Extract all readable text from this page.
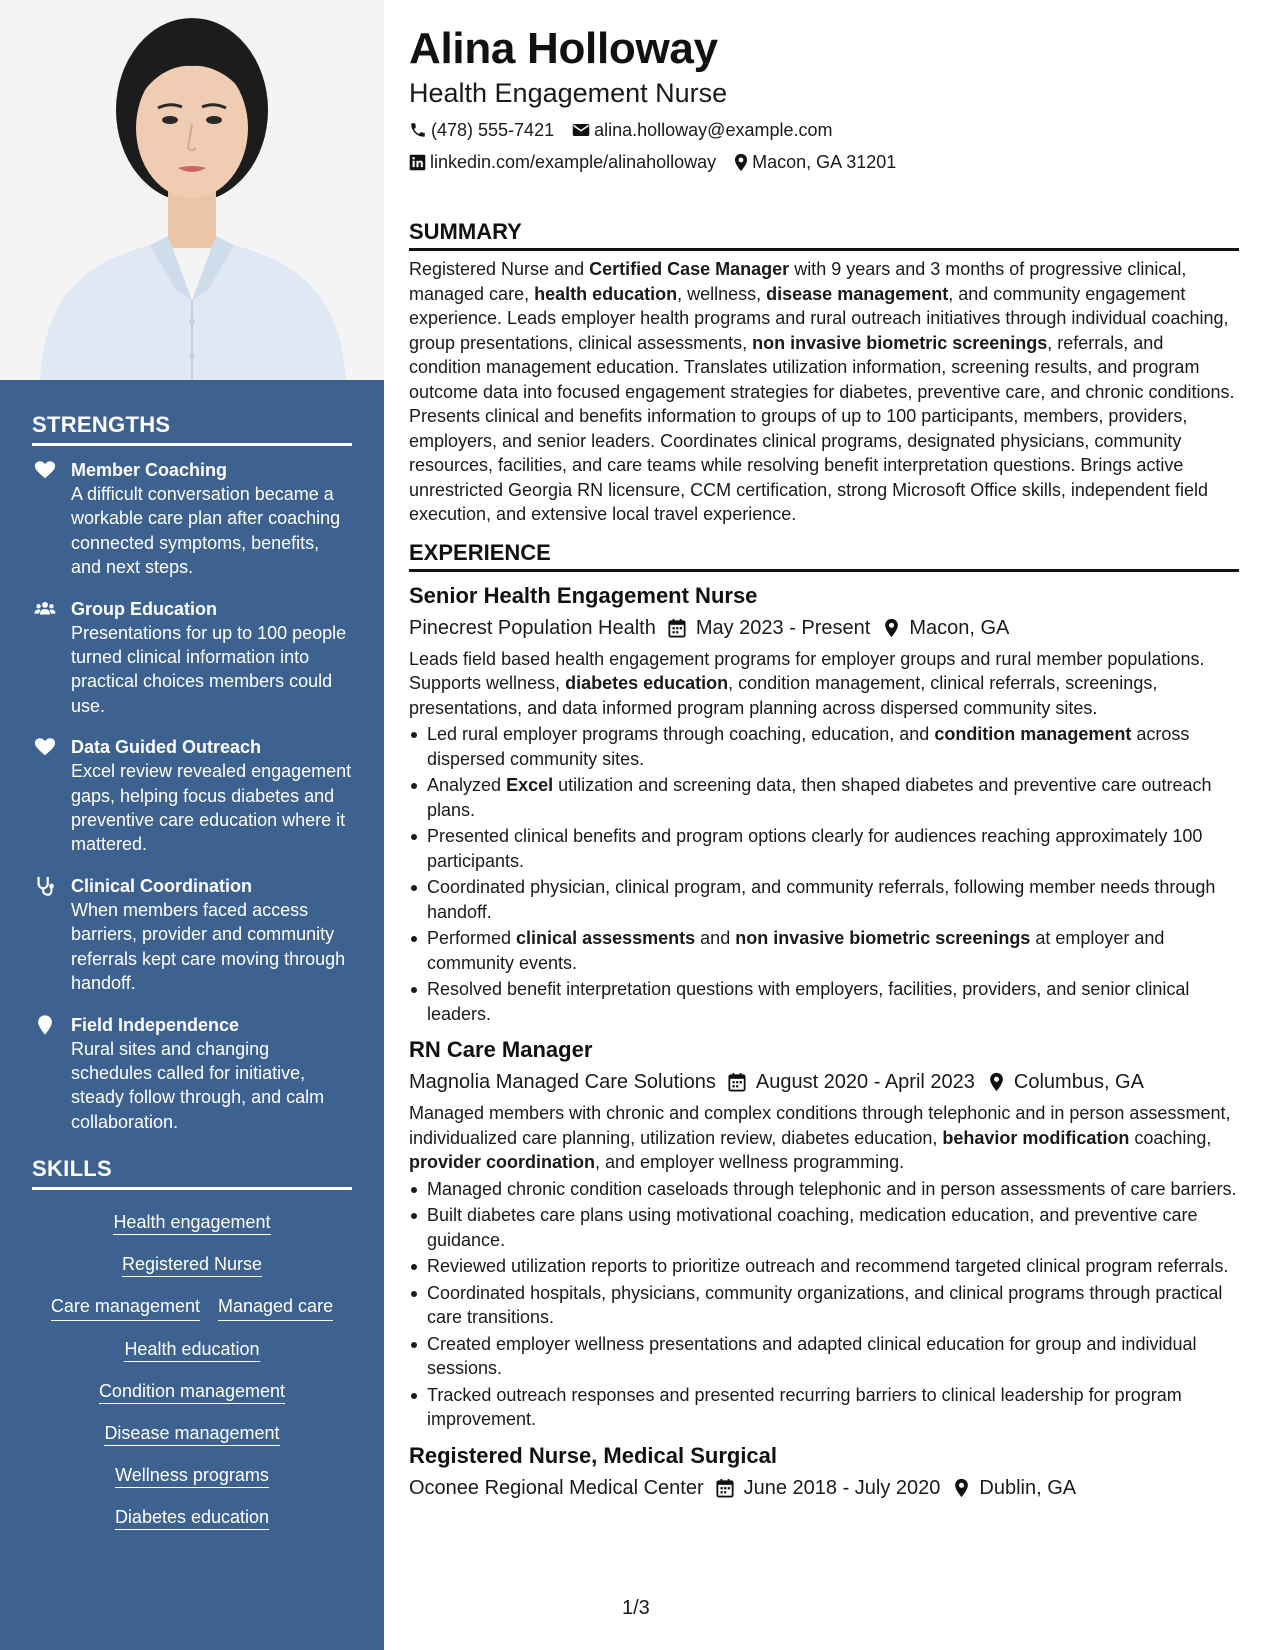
STRENGTHS
Member Coaching
A difficult conversation became a workable care plan after coaching connected symptoms, benefits, and next steps.
Group Education
Presentations for up to 100 people turned clinical information into practical choices members could use.
Data Guided Outreach
Excel review revealed engagement gaps, helping focus diabetes and preventive care education where it mattered.
Clinical Coordination
When members faced access barriers, provider and community referrals kept care moving through handoff.
Field Independence
Rural sites and changing schedules called for initiative, steady follow through, and calm collaboration.
SKILLS
Health engagement
Registered Nurse
Care management Managed care
Health education
Condition management
Disease management
Wellness programs
Diabetes education
Alina Holloway
Health Engagement Nurse
(478) 555-7421 alina.holloway@example.com
linkedin.com/example/alinaholloway Macon, GA 31201
SUMMARY

Registered Nurse and Certified Case Manager with 9 years and 3 months of progressive clinical, managed care, health education, wellness, disease management, and community engagement experience. Leads employer health programs and rural outreach initiatives through individual coaching, group presentations, clinical assessments, non invasive biometric screenings, referrals, and condition management education. Translates utilization information, screening results, and program outcome data into focused engagement strategies for diabetes, preventive care, and chronic conditions. Presents clinical and benefits information to groups of up to 100 participants, members, providers, employers, and senior leaders. Coordinates clinical programs, designated physicians, community resources, facilities, and care teams while resolving benefit interpretation questions. Brings active unrestricted Georgia RN licensure, CCM certification, strong Microsoft Office skills, independent field execution, and extensive local travel experience.

EXPERIENCE
Senior Health Engagement Nurse
Pinecrest Population Health May 2023 - Present Macon, GA

Leads field based health engagement programs for employer groups and rural member populations. Supports wellness, diabetes education, condition management, clinical referrals, screenings, presentations, and data informed program planning across dispersed community sites.

Led rural employer programs through coaching, education, and condition management across dispersed community sites.
Analyzed Excel utilization and screening data, then shaped diabetes and preventive care outreach plans.
Presented clinical benefits and program options clearly for audiences reaching approximately 100 participants.
Coordinated physician, clinical program, and community referrals, following member needs through handoff.
Performed clinical assessments and non invasive biometric screenings at employer and community events.
Resolved benefit interpretation questions with employers, facilities, providers, and senior clinical leaders.
RN Care Manager
Magnolia Managed Care Solutions August 2020 - April 2023 Columbus, GA

Managed members with chronic and complex conditions through telephonic and in person assessment, individualized care planning, utilization review, diabetes education, behavior modification coaching, provider coordination, and employer wellness programming.

Managed chronic condition caseloads through telephonic and in person assessments of care barriers.
Built diabetes care plans using motivational coaching, medication education, and preventive care guidance.
Reviewed utilization reports to prioritize outreach and recommend targeted clinical program referrals.
Coordinated hospitals, physicians, community organizations, and clinical programs through practical care transitions.
Created employer wellness presentations and adapted clinical education for group and individual sessions.
Tracked outreach responses and presented recurring barriers to clinical leadership for program improvement.
Registered Nurse, Medical Surgical
Oconee Regional Medical Center June 2018 - July 2020 Dublin, GA
1/3
